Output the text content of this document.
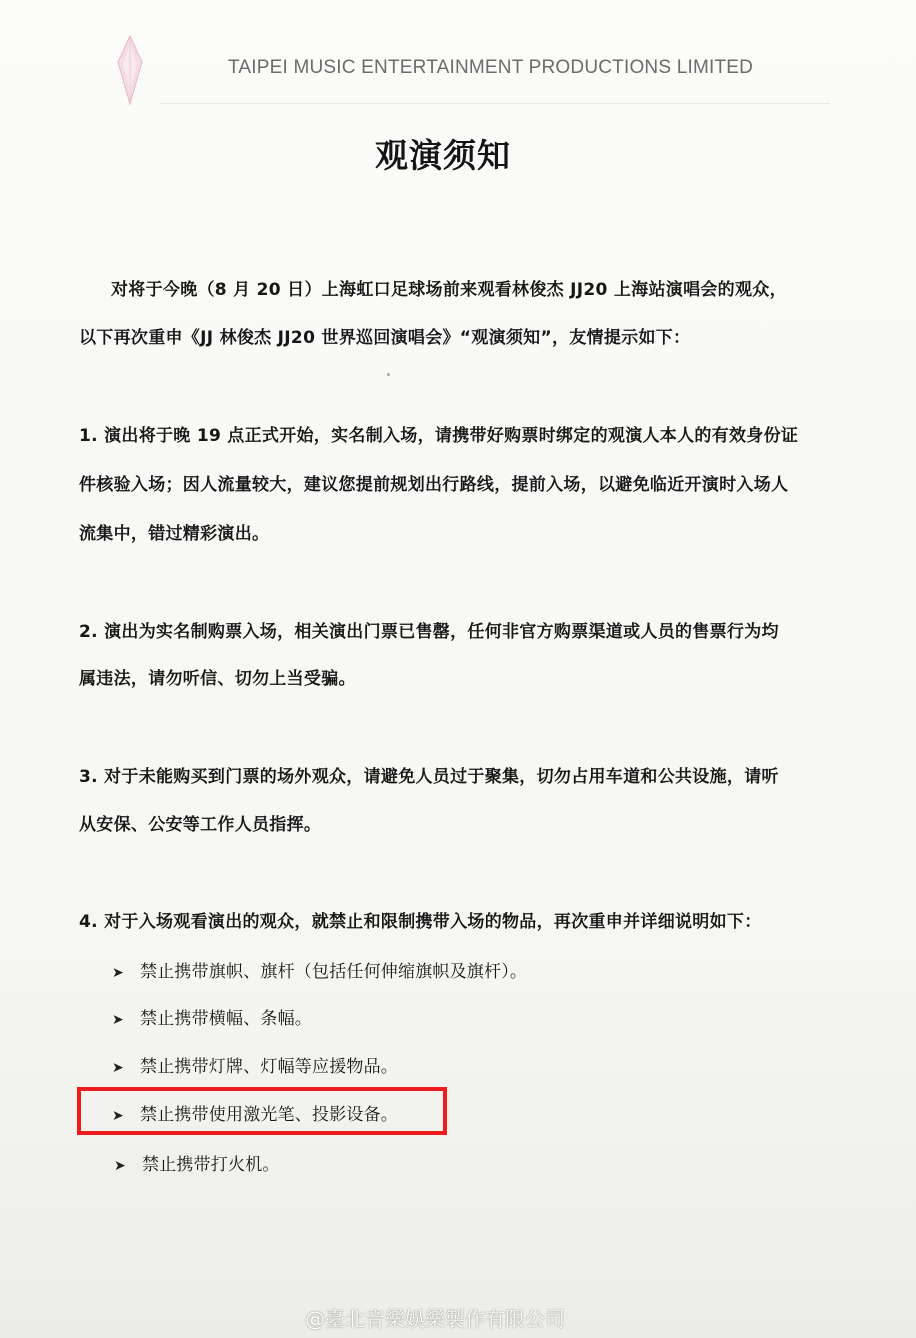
TAIPEI MUSIC ENTERTAINMENT PRODUCTIONS LIMITED
观演须知
对将于今晚（8 月 20 日）上海虹口足球场前来观看林俊杰 JJ20 上海站演唱会的观众，
以下再次重申《JJ 林俊杰 JJ20 世界巡回演唱会》“观演须知”，友情提示如下：
1. 演出将于晚 19 点正式开始，实名制入场，请携带好购票时绑定的观演人本人的有效身份证
件核验入场；因人流量较大，建议您提前规划出行路线，提前入场，以避免临近开演时入场人
流集中，错过精彩演出。
2. 演出为实名制购票入场，相关演出门票已售罄，任何非官方购票渠道或人员的售票行为均
属违法，请勿听信、切勿上当受骗。
3. 对于未能购买到门票的场外观众，请避免人员过于聚集，切勿占用车道和公共设施，请听
从安保、公安等工作人员指挥。
4. 对于入场观看演出的观众，就禁止和限制携带入场的物品，再次重申并详细说明如下：
➤ 禁止携带旗帜、旗杆（包括任何伸缩旗帜及旗杆）。
➤ 禁止携带横幅、条幅。
➤ 禁止携带灯牌、灯幅等应援物品。
➤ 禁止携带使用激光笔、投影设备。
➤ 禁止携带打火机。
@臺北音樂娛樂製作有限公司
